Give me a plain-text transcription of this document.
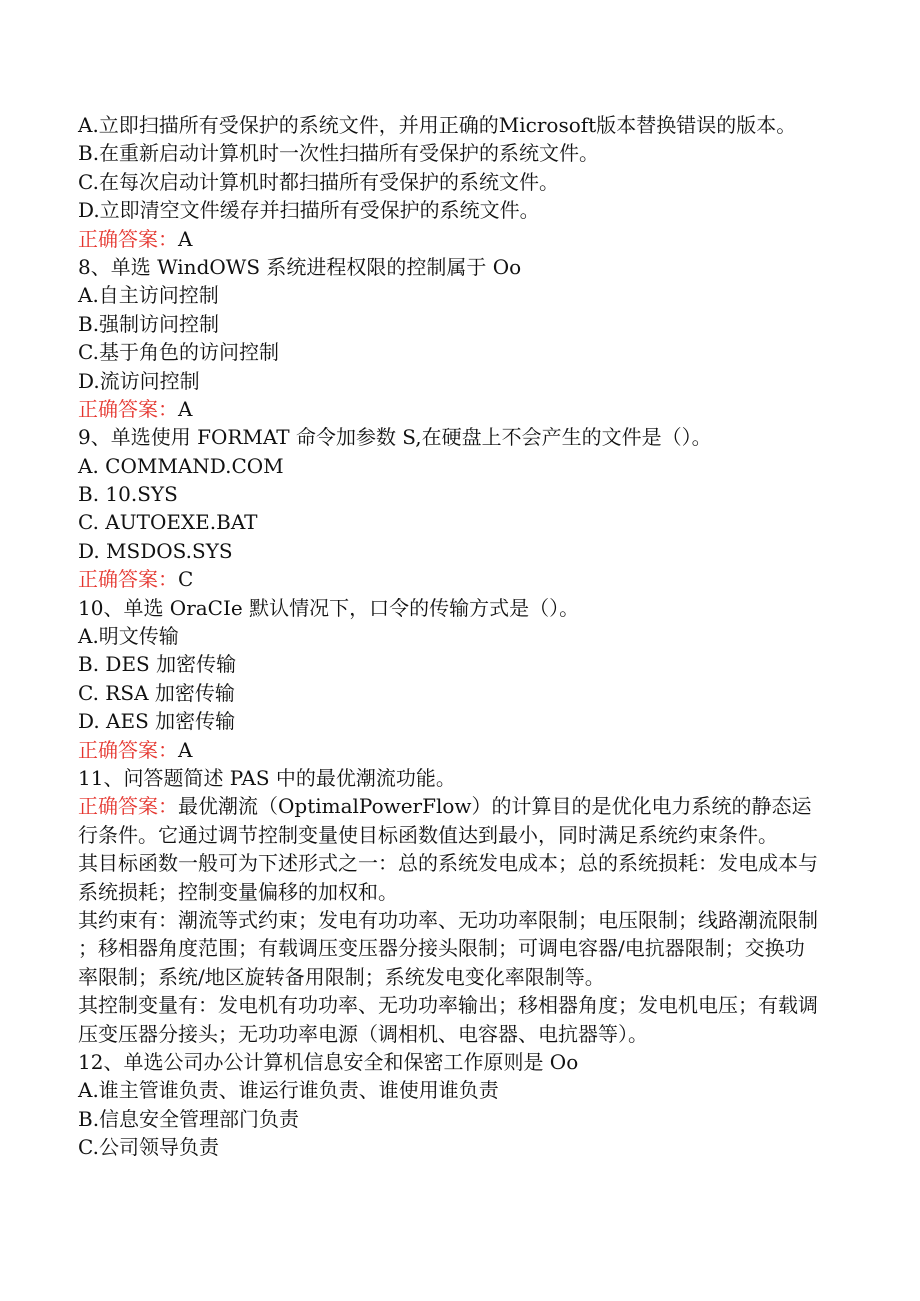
A.立即扫描所有受保护的系统文件，并用正确的Microsoft版本替换错误的版本。
B.在重新启动计算机时一次性扫描所有受保护的系统文件。
C.在每次启动计算机时都扫描所有受保护的系统文件。
D.立即清空文件缓存并扫描所有受保护的系统文件。
正确答案：A
8、单选 WindOWS 系统进程权限的控制属于 Oo
A.自主访问控制
B.强制访问控制
C.基于角色的访问控制
D.流访问控制
正确答案：A
9、单选使用 FORMAT 命令加参数 S,在硬盘上不会产生的文件是（）。
A. COMMAND.COM
B. 10.SYS
C. AUTOEXE.BAT
D. MSDOS.SYS
正确答案：C
10、单选 OraCIe 默认情况下，口令的传输方式是（）。
A.明文传输
B. DES 加密传输
C. RSA 加密传输
D. AES 加密传输
正确答案：A
11、问答题简述 PAS 中的最优潮流功能。
正确答案：最优潮流（OptimalPowerFlow）的计算目的是优化电力系统的静态运行条件。它通过调节控制变量使目标函数值达到最小，同时满足系统约束条件。
其目标函数一般可为下述形式之一：总的系统发电成本；总的系统损耗：发电成本与系统损耗；控制变量偏移的加权和。
其约束有：潮流等式约束；发电有功功率、无功功率限制；电压限制；线路潮流限制；移相器角度范围；有载调压变压器分接头限制；可调电容器/电抗器限制；交换功率限制；系统/地区旋转备用限制；系统发电变化率限制等。
其控制变量有：发电机有功功率、无功功率输出；移相器角度；发电机电压；有载调压变压器分接头；无功功率电源（调相机、电容器、电抗器等）。
12、单选公司办公计算机信息安全和保密工作原则是 Oo
A.谁主管谁负责、谁运行谁负责、谁使用谁负责
B.信息安全管理部门负责
C.公司领导负责
